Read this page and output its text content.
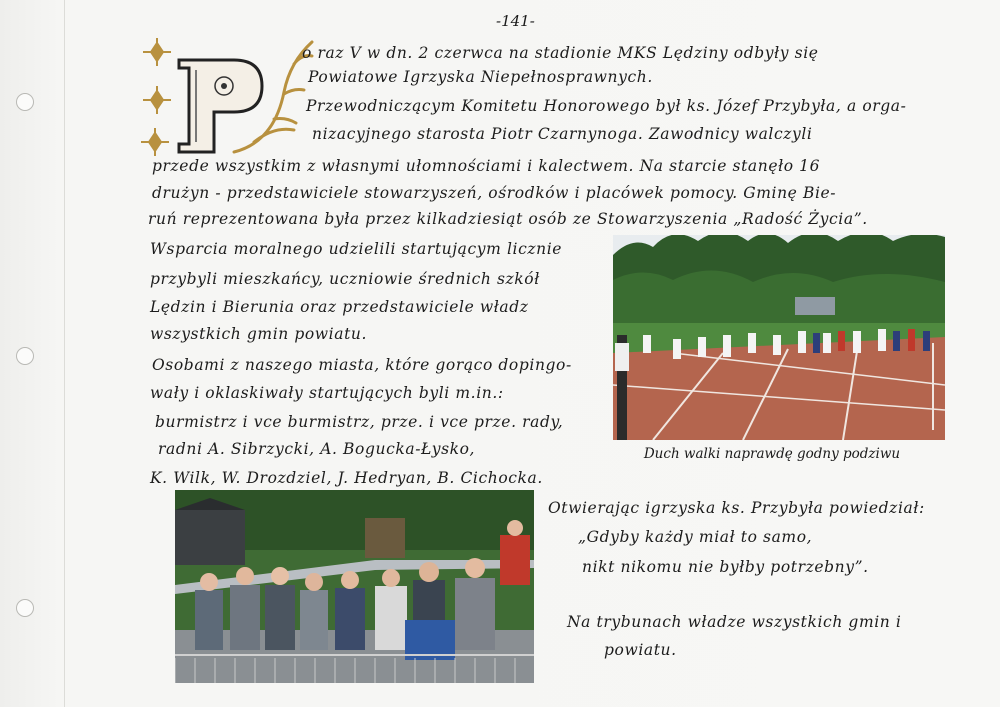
-141-
o raz V w dn. 2 czerwca na stadionie MKS Lędziny odbyły się
Powiatowe Igrzyska Niepełnosprawnych.
Przewodniczącym Komitetu Honorowego był ks. Józef Przybyła, a orga-
nizacyjnego starosta Piotr Czarnynoga. Zawodnicy walczyli
przede wszystkim z własnymi ułomnościami i kalectwem. Na starcie stanęło 16
drużyn - przedstawiciele stowarzyszeń, ośrodków i placówek pomocy. Gminę Bie-
ruń reprezentowana była przez kilkadziesiąt osób ze Stowarzyszenia „Radość Życia”.
Wsparcia moralnego udzielili startującym licznie
przybyli mieszkańcy, uczniowie średnich szkół
Lędzin i Bierunia oraz przedstawiciele władz
wszystkich gmin powiatu.
Osobami z naszego miasta, które gorąco dopingo-
wały i oklaskiwały startujących byli m.in.:
burmistrz i vce burmistrz, prze. i vce prze. rady,
radni A. Sibrzycki, A. Bogucka-Łysko,
K. Wilk, W. Drozdziel, J. Hedryan, B. Cichocka.
Otwierając igrzyska ks. Przybyła powiedział:
„Gdyby każdy miał to samo,
nikt nikomu nie byłby potrzebny”.
Na trybunach władze wszystkich gmin i
powiatu.
Duch walki naprawdę godny podziwu
